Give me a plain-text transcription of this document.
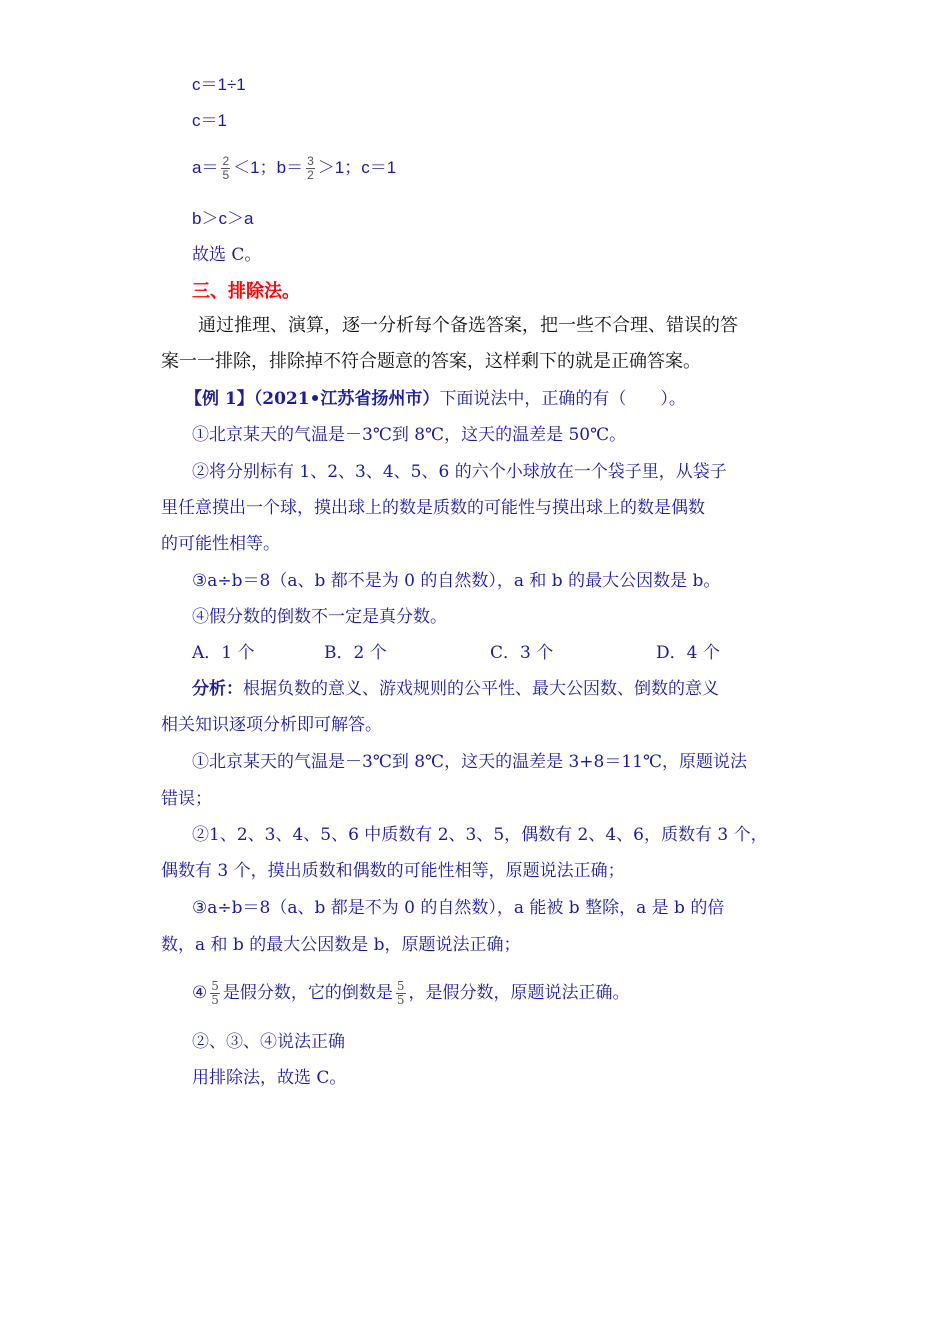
c＝1÷1
c＝1
$a= \frac{2}{5} <1$；$b= \frac{3}{2} >1$；c＝1
b＞c＞a
故选 C。
三、排除法。
通过推理、演算，逐一分析每个备选答案，把一些不合理、错误的答
案一一排除，排除掉不符合题意的答案，这样剩下的就是正确答案。
【例 1】（2021•江苏省扬州市）下面说法中，正确的有（　　）。
①北京某天的气温是－3℃到 8℃，这天的温差是 50℃。
②将分别标有 1、2、3、4、5、6 的六个小球放在一个袋子里，从袋子
里任意摸出一个球，摸出球上的数是质数的可能性与摸出球上的数是偶数
的可能性相等。
③a÷b＝8（a、b 都不是为 0 的自然数），a 和 b 的最大公因数是 b。
④假分数的倒数不一定是真分数。
A．1 个	B．2 个	C．3 个	D．4 个
分析：根据负数的意义、游戏规则的公平性、最大公因数、倒数的意义
相关知识逐项分析即可解答。
①北京某天的气温是－3℃到 8℃，这天的温差是 3+8＝11℃，原题说法
错误；
②1、2、3、4、5、6 中质数有 2、3、5，偶数有 2、4、6，质数有 3 个，
偶数有 3 个，摸出质数和偶数的可能性相等，原题说法正确；
③a÷b＝8（a、b 都是不为 0 的自然数），a 能被 b 整除，a 是 b 的倍
数，a 和 b 的最大公因数是 b，原题说法正确；
④ $\frac{5}{5}$ 是假分数，它的倒数是 $\frac{5}{5}$ ，是假分数，原题说法正确。
②、③、④说法正确
用排除法，故选 C。
